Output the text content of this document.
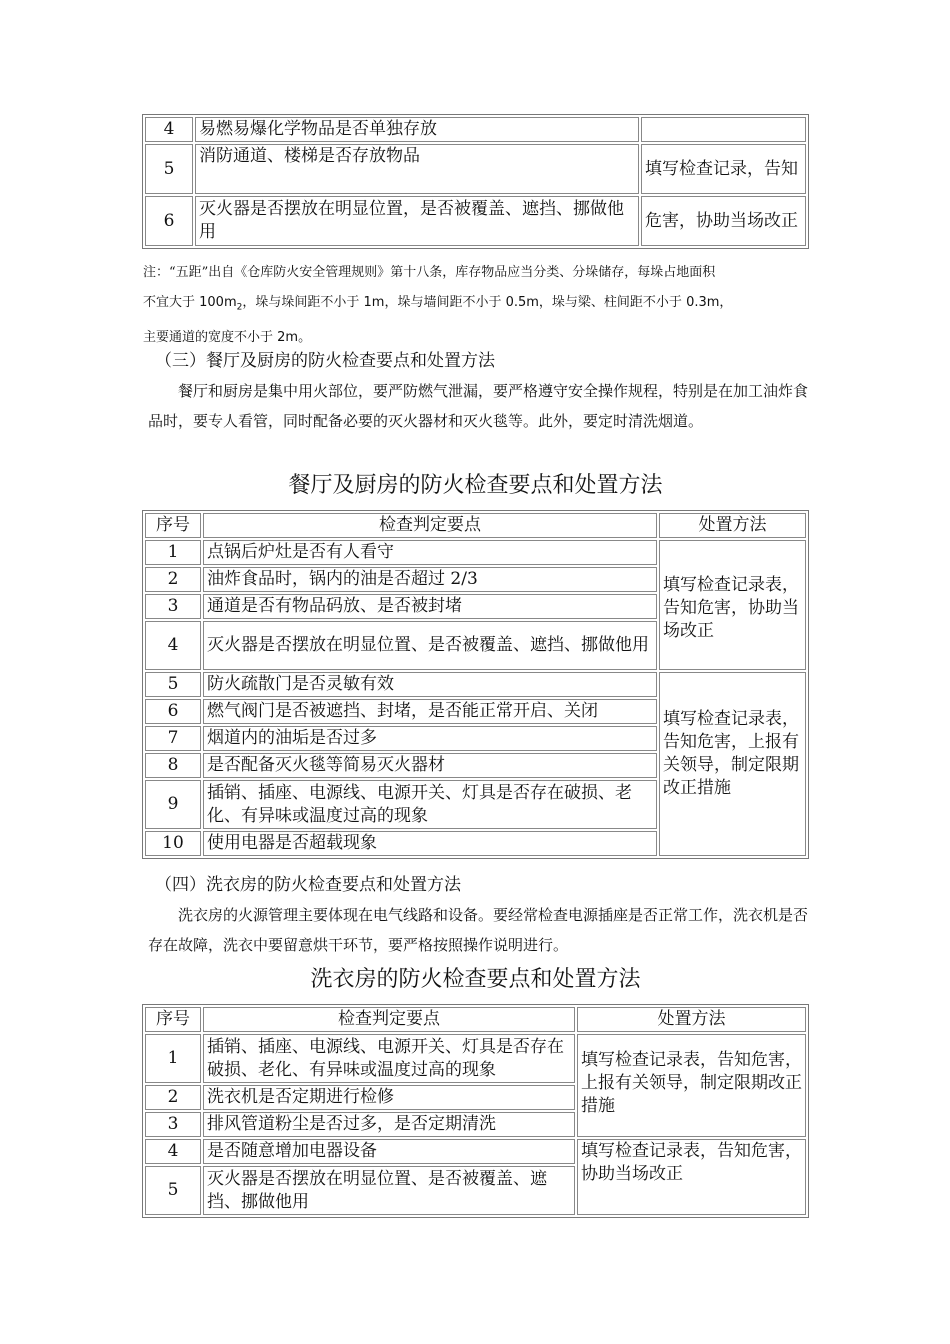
4	易燃易爆化学物品是否单独存放	
5	消防通道、楼梯是否存放物品	填写检查记录，告知
6	灭火器是否摆放在明显位置，是否被覆盖、遮挡、挪做他用	危害，协助当场改正
注：“五距”出自《仓库防火安全管理规则》第十八条，库存物品应当分类、分垛储存，每垛占地面积
不宜大于 $100m_2$，垛与垛间距不小于 1m，垛与墙间距不小于 0.5m，垛与梁、柱间距不小于 0.3m，
主要通道的宽度不小于 2m。
（三）餐厅及厨房的防火检查要点和处置方法
餐厅和厨房是集中用火部位，要严防燃气泄漏，要严格遵守安全操作规程，特别是在加工油炸食品时，要专人看管，同时配备必要的灭火器材和灭火毯等。此外，要定时清洗烟道。
餐厅及厨房的防火检查要点和处置方法
序号	检查判定要点	处置方法
1	点锅后炉灶是否有人看守	填写检查记录表，告知危害，协助当场改正
2	油炸食品时，锅内的油是否超过 2/3	
3	通道是否有物品码放、是否被封堵	
4	灭火器是否摆放在明显位置、是否被覆盖、遮挡、挪做他用	
5	防火疏散门是否灵敏有效	填写检查记录表，告知危害，上报有关领导，制定限期改正措施
6	燃气阀门是否被遮挡、封堵，是否能正常开启、关闭	
7	烟道内的油垢是否过多	
8	是否配备灭火毯等简易灭火器材	
9	插销、插座、电源线、电源开关、灯具是否存在破损、老化、有异味或温度过高的现象	
10	使用电器是否超载现象	
（四）洗衣房的防火检查要点和处置方法
洗衣房的火源管理主要体现在电气线路和设备。要经常检查电源插座是否正常工作，洗衣机是否存在故障，洗衣中要留意烘干环节，要严格按照操作说明进行。
洗衣房的防火检查要点和处置方法
序号	检查判定要点	处置方法
1	插销、插座、电源线、电源开关、灯具是否存在破损、老化、有异味或温度过高的现象	填写检查记录表，告知危害，上报有关领导，制定限期改正措施
2	洗衣机是否定期进行检修	
3	排风管道粉尘是否过多，是否定期清洗	
4	是否随意增加电器设备	填写检查记录表，告知危害，协助当场改正
5	灭火器是否摆放在明显位置、是否被覆盖、遮挡、挪做他用	
